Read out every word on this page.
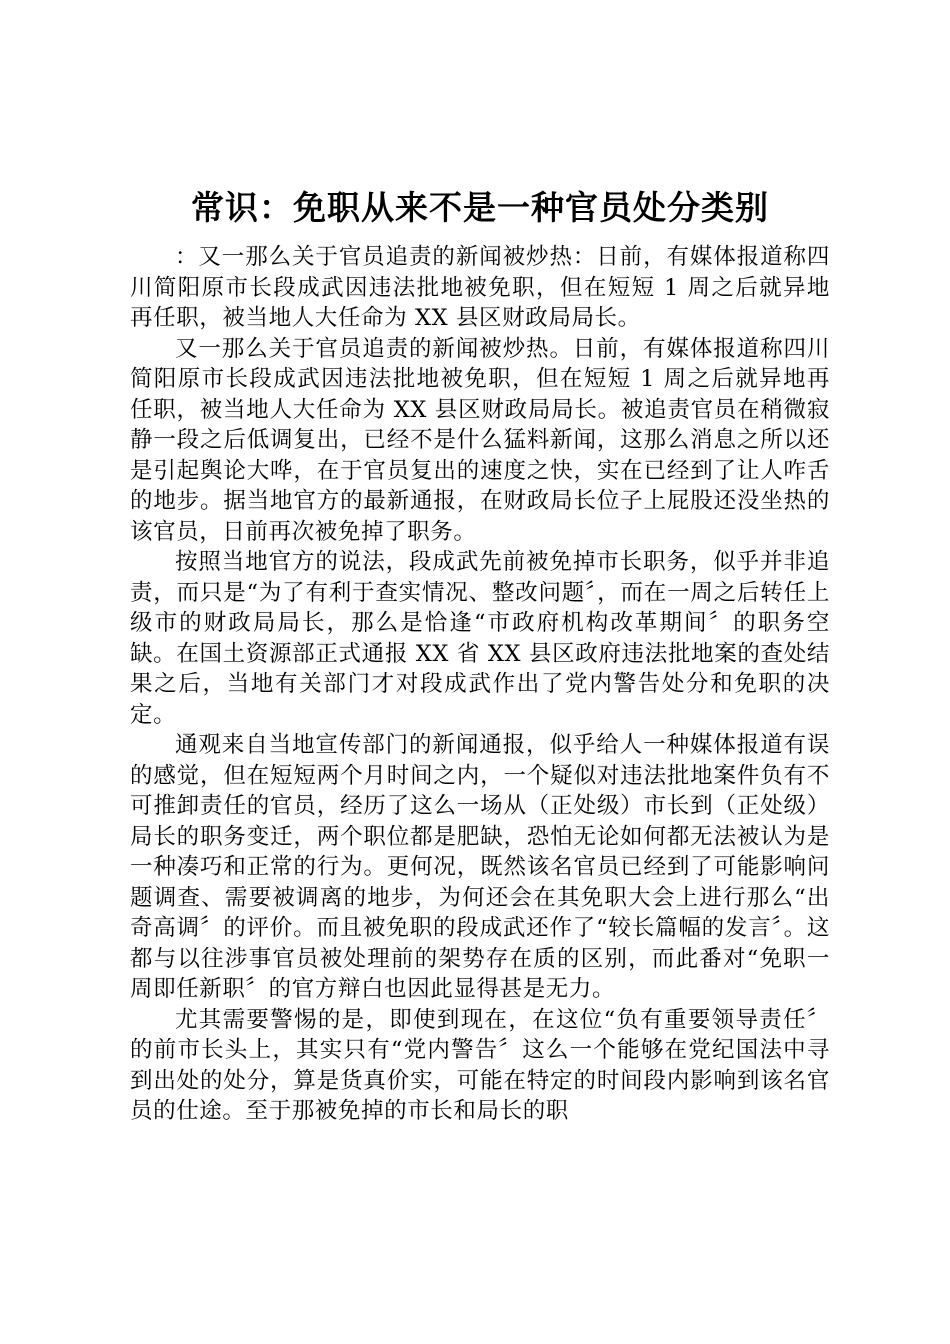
常识：免职从来不是一种官员处分类别

：又一那么关于官员追责的新闻被炒热：日前，有媒体报道称四川简阳原市长段成武因违法批地被免职，但在短短 1 周之后就异地再任职，被当地人大任命为 XX 县区财政局局长。

又一那么关于官员追责的新闻被炒热。日前，有媒体报道称四川简阳原市长段成武因违法批地被免职，但在短短 1 周之后就异地再任职，被当地人大任命为 XX 县区财政局局长。被追责官员在稍微寂静一段之后低调复出，已经不是什么猛料新闻，这那么消息之所以还是引起舆论大哗，在于官员复出的速度之快，实在已经到了让人咋舌的地步。据当地官方的最新通报，在财政局长位子上屁股还没坐热的该官员，日前再次被免掉了职务。

按照当地官方的说法，段成武先前被免掉市长职务，似乎并非追责，而只是“为了有利于查实情况、整改问题〞，而在一周之后转任上级市的财政局局长，那么是恰逢“市政府机构改革期间〞的职务空缺。在国土资源部正式通报 XX 省 XX 县区政府违法批地案的查处结果之后，当地有关部门才对段成武作出了党内警告处分和免职的决定。

通观来自当地宣传部门的新闻通报，似乎给人一种媒体报道有误的感觉，但在短短两个月时间之内，一个疑似对违法批地案件负有不可推卸责任的官员，经历了这么一场从（正处级）市长到（正处级）局长的职务变迁，两个职位都是肥缺，恐怕无论如何都无法被认为是一种凑巧和正常的行为。更何况，既然该名官员已经到了可能影响问题调查、需要被调离的地步，为何还会在其免职大会上进行那么“出奇高调〞的评价。而且被免职的段成武还作了“较长篇幅的发言〞。这都与以往涉事官员被处理前的架势存在质的区别，而此番对“免职一周即任新职〞的官方辩白也因此显得甚是无力。

尤其需要警惕的是，即使到现在，在这位“负有重要领导责任〞的前市长头上，其实只有“党内警告〞这么一个能够在党纪国法中寻到出处的处分，算是货真价实，可能在特定的时间段内影响到该名官员的仕途。至于那被免掉的市长和局长的职
